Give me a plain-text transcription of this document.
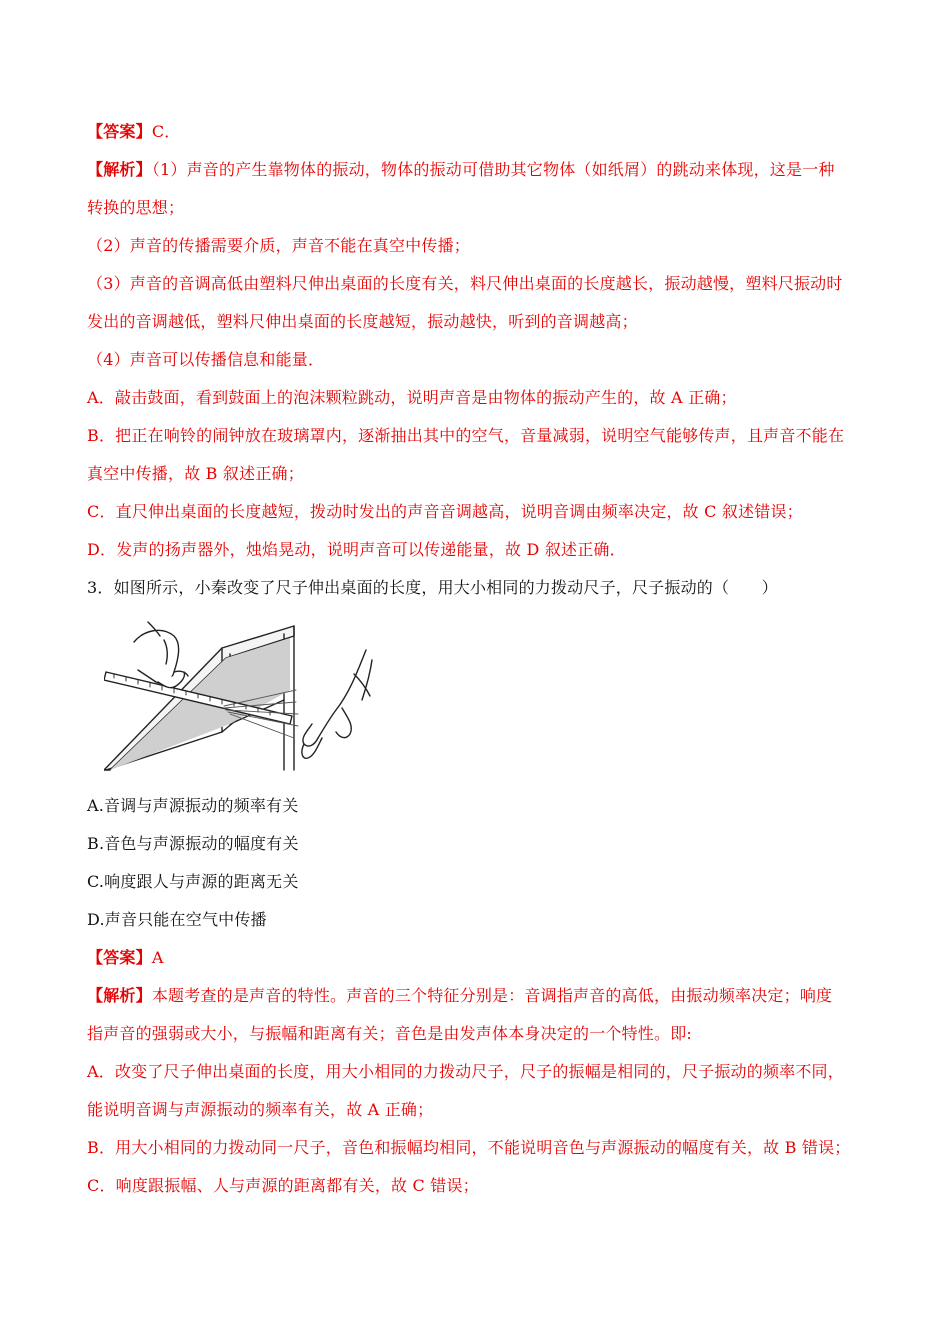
【答案】C．
【解析】（1）声音的产生靠物体的振动，物体的振动可借助其它物体（如纸屑）的跳动来体现，这是一种
转换的思想；
（2）声音的传播需要介质，声音不能在真空中传播；
（3）声音的音调高低由塑料尺伸出桌面的长度有关，料尺伸出桌面的长度越长，振动越慢，塑料尺振动时
发出的音调越低，塑料尺伸出桌面的长度越短，振动越快，听到的音调越高；
（4）声音可以传播信息和能量．
A．敲击鼓面，看到鼓面上的泡沫颗粒跳动，说明声音是由物体的振动产生的，故 A 正确；
B．把正在响铃的闹钟放在玻璃罩内，逐渐抽出其中的空气，音量减弱，说明空气能够传声，且声音不能在
真空中传播，故 B 叙述正确；
C．直尺伸出桌面的长度越短，拨动时发出的声音音调越高，说明音调由频率决定，故 C 叙述错误；
D．发声的扬声器外，烛焰晃动，说明声音可以传递能量，故 D 叙述正确．
3．如图所示，小秦改变了尺子伸出桌面的长度，用大小相同的力拨动尺子，尺子振动的（　　）
A.音调与声源振动的频率有关
B.音色与声源振动的幅度有关
C.响度跟人与声源的距离无关
D.声音只能在空气中传播
【答案】A
【解析】本题考查的是声音的特性。声音的三个特征分别是：音调指声音的高低，由振动频率决定；响度
指声音的强弱或大小，与振幅和距离有关；音色是由发声体本身决定的一个特性。即:
A．改变了尺子伸出桌面的长度，用大小相同的力拨动尺子，尺子的振幅是相同的，尺子振动的频率不同，
能说明音调与声源振动的频率有关，故 A 正确；
B．用大小相同的力拨动同一尺子，音色和振幅均相同，不能说明音色与声源振动的幅度有关，故 B 错误；
C．响度跟振幅、人与声源的距离都有关，故 C 错误；
